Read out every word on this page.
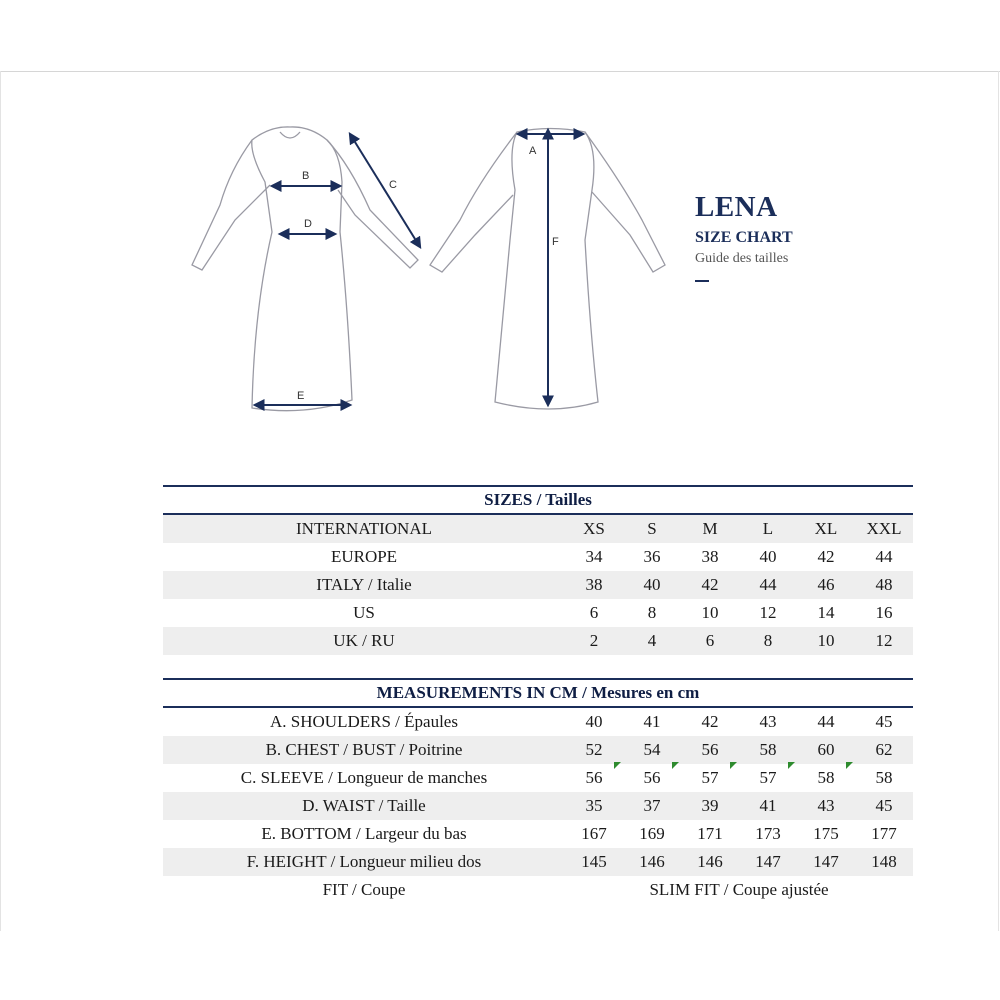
B
D
C
E
A
F
LENA
SIZE CHART
Guide des tailles
SIZES / Tailles						
INTERNATIONAL	XS	S	M	L	XL	XXL
EUROPE	34	36	38	40	42	44
ITALY / Italie	38	40	42	44	46	48
US	6	8	10	12	14	16
UK / RU	2	4	6	8	10	12
MEASUREMENTS IN CM / Mesures en cm						
A. SHOULDERS / Épaules	40	41	42	43	44	45
B. CHEST / BUST / Poitrine	52	54	56	58	60	62
C. SLEEVE / Longueur de manches	56	56	57	57	58	58
D. WAIST / Taille	35	37	39	41	43	45
E. BOTTOM / Largeur du bas	167	169	171	173	175	177
F. HEIGHT / Longueur milieu dos	145	146	146	147	147	148
FIT / Coupe	SLIM FIT / Coupe ajustée					
